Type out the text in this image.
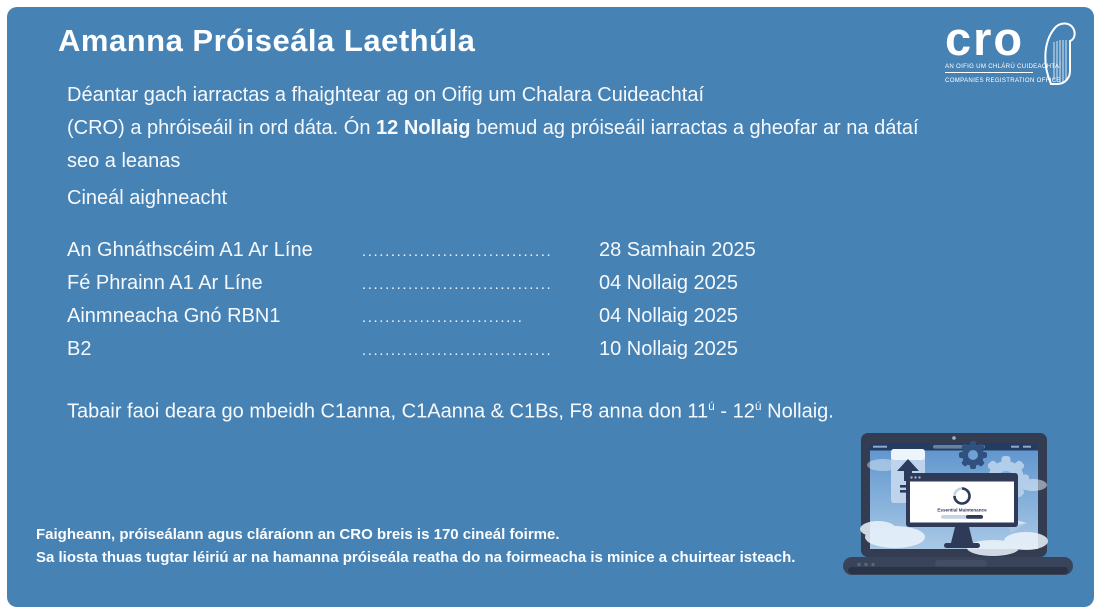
Amanna Próiseála Laethúla	cro
AN OIFIG UM CHLÁRÚ CUIDEACHTAÍ
COMPANIES REGISTRATION OFFICE
Déantar gach iarractas a fhaightear ag on Oifig um Chalara Cuideachtaí
(CRO) a phróiseáil in ord dáta. Ón 12 Nollaig bemud ag próiseáil iarractas a gheofar ar na dátaí
seo a leanas
Cineál aighneacht
An Ghnáthscéim A1 Ar Líne	.................................	28 Samhain 2025
Fé Phrainn A1 Ar Líne	.................................	04 Nollaig 2025
Ainmneacha Gnó RBN1	............................	04 Nollaig 2025
B2	.................................	10 Nollaig 2025
Tabair faoi deara go mbeidh C1anna, C1Aanna & C1Bs, F8 anna don $11^ú - 12^ú$ Nollaig.
Faigheann, próiseálann agus cláraíonn an CRO breis is 170 cineál foirme.
Sa liosta thuas tugtar léiriú ar na hamanna próiseála reatha do na foirmeacha is minice a chuirtear isteach.
Essential Maintenance
